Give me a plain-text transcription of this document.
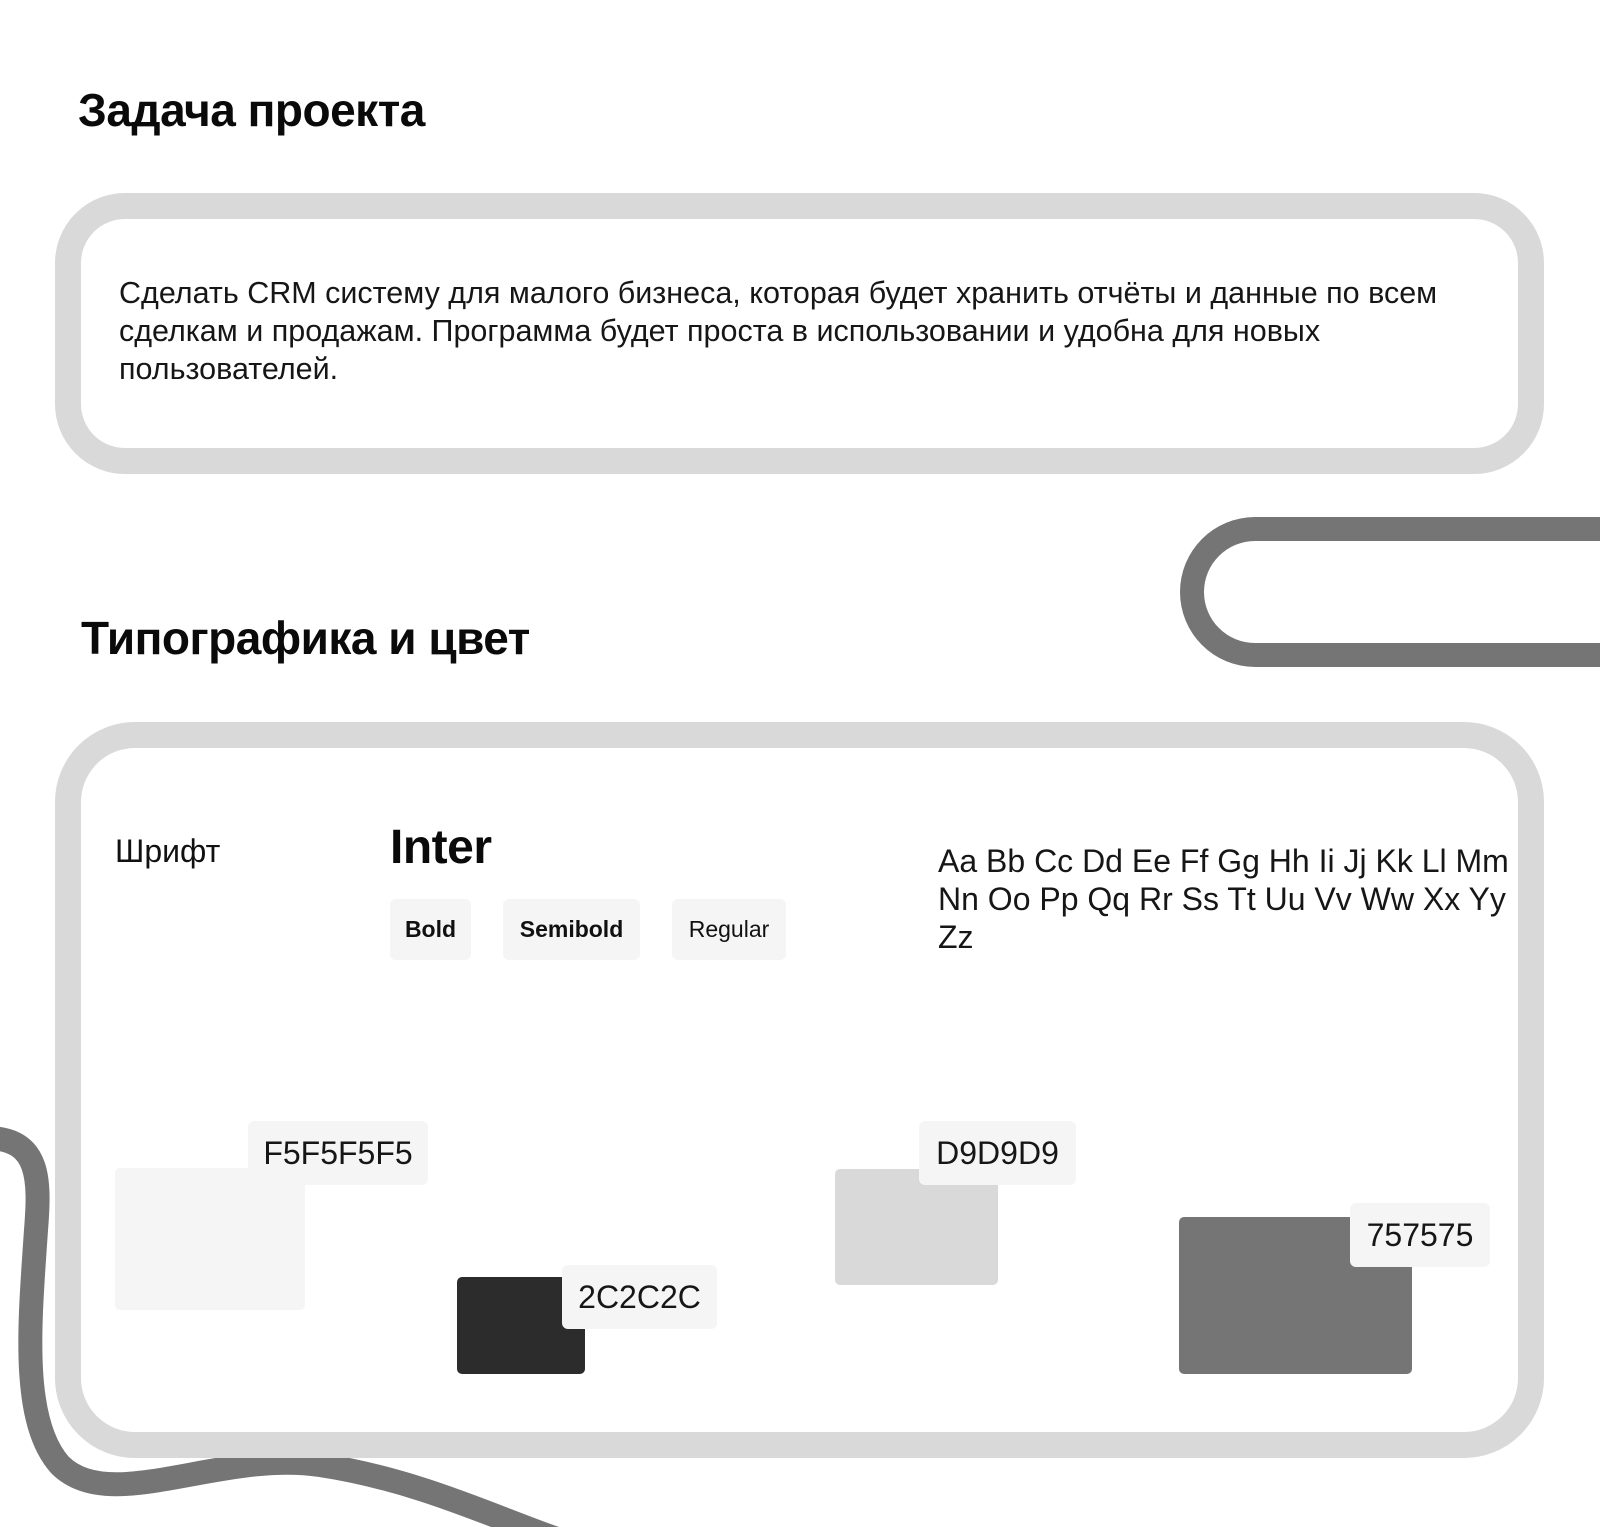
Задача проекта

Сделать CRM систему для малого бизнеса, которая будет хранить отчёты и данные по всем сделкам и продажам. Программа будет проста в использовании и удобна для новых пользователей.

Типографика и цвет
Шрифт	Inter
Bold	Semibold	Regular

Aa Bb Cc Dd Ee Ff Gg Hh Ii Jj Kk Ll Mm Nn Oo Pp Qq Rr Ss Tt Uu Vv Ww Xx Yy Zz

F5F5F5F5
2C2C2C
D9D9D9
757575
